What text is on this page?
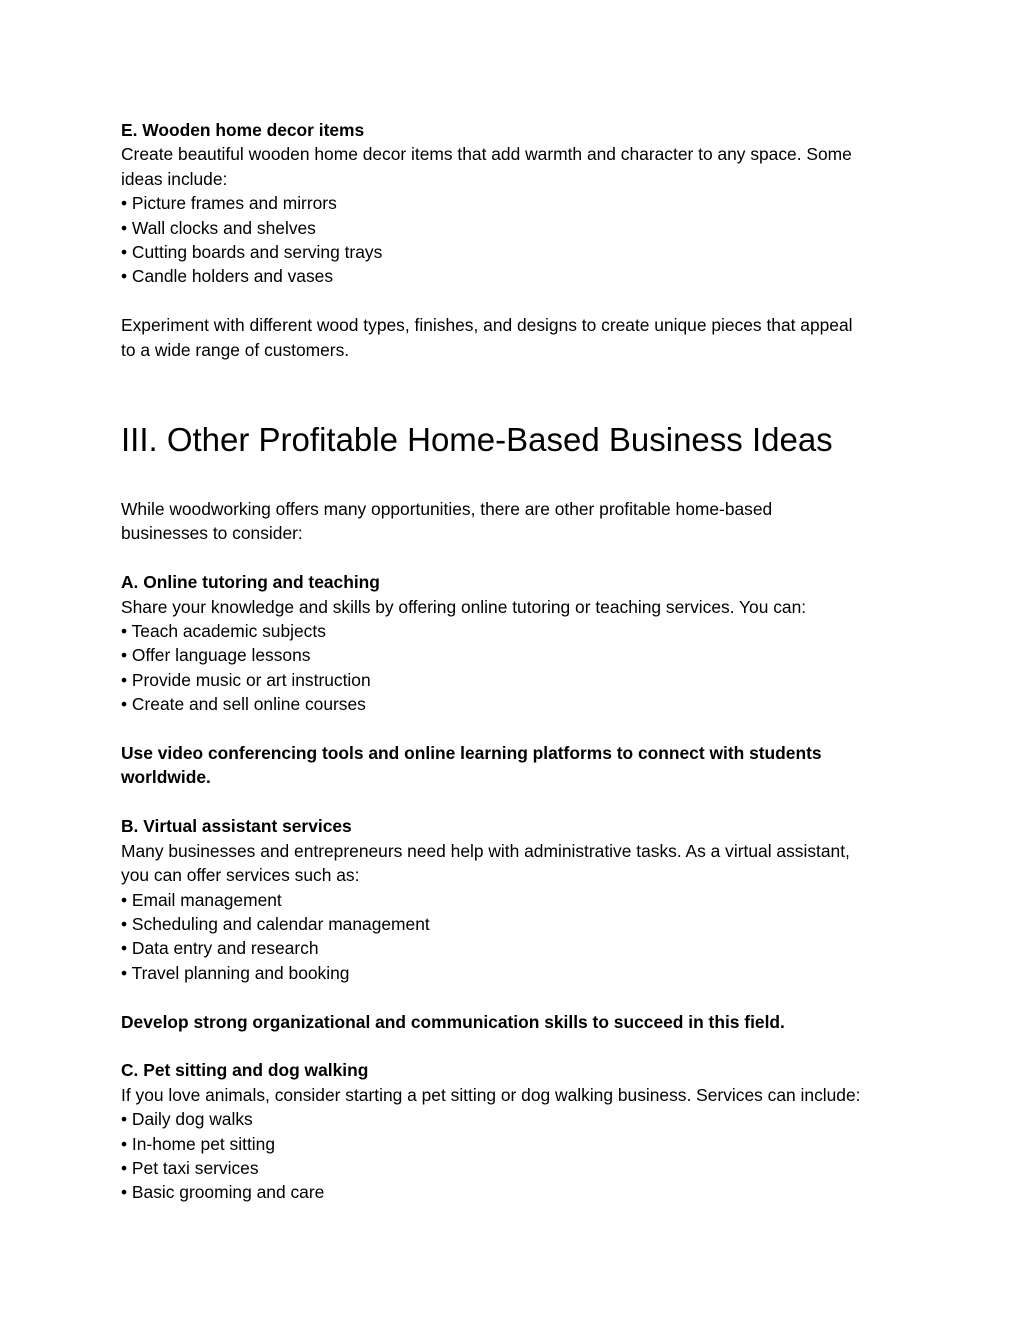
E. Wooden home decor items
Create beautiful wooden home decor items that add warmth and character to any space. Some
ideas include:
• Picture frames and mirrors
• Wall clocks and shelves
• Cutting boards and serving trays
• Candle holders and vases
Experiment with different wood types, finishes, and designs to create unique pieces that appeal
to a wide range of customers.
III. Other Profitable Home-Based Business Ideas
While woodworking offers many opportunities, there are other profitable home-based
businesses to consider:
A. Online tutoring and teaching
Share your knowledge and skills by offering online tutoring or teaching services. You can:
• Teach academic subjects
• Offer language lessons
• Provide music or art instruction
• Create and sell online courses
Use video conferencing tools and online learning platforms to connect with students
worldwide.
B. Virtual assistant services
Many businesses and entrepreneurs need help with administrative tasks. As a virtual assistant,
you can offer services such as:
• Email management
• Scheduling and calendar management
• Data entry and research
• Travel planning and booking
Develop strong organizational and communication skills to succeed in this field.
C. Pet sitting and dog walking
If you love animals, consider starting a pet sitting or dog walking business. Services can include:
• Daily dog walks
• In-home pet sitting
• Pet taxi services
• Basic grooming and care
